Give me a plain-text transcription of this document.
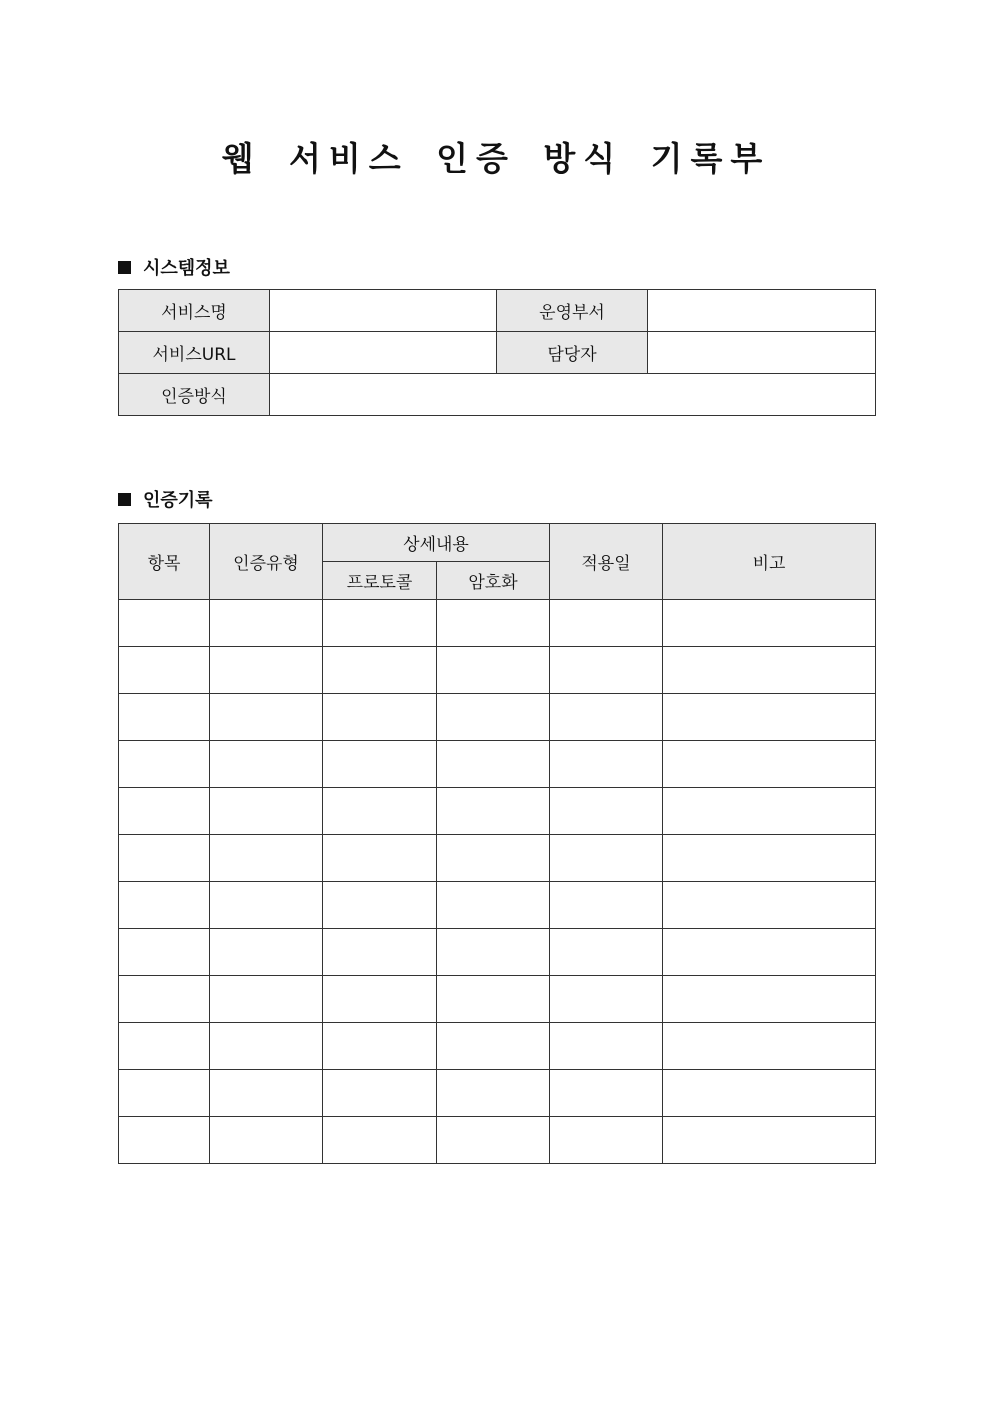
웹 서비스 인증 방식 기록부
시스템정보
서비스명		운영부서	
서비스URL		담당자	
인증방식			
인증기록
항목	인증유형	상세내용		적용일	비고
		프로토콜	암호화		
